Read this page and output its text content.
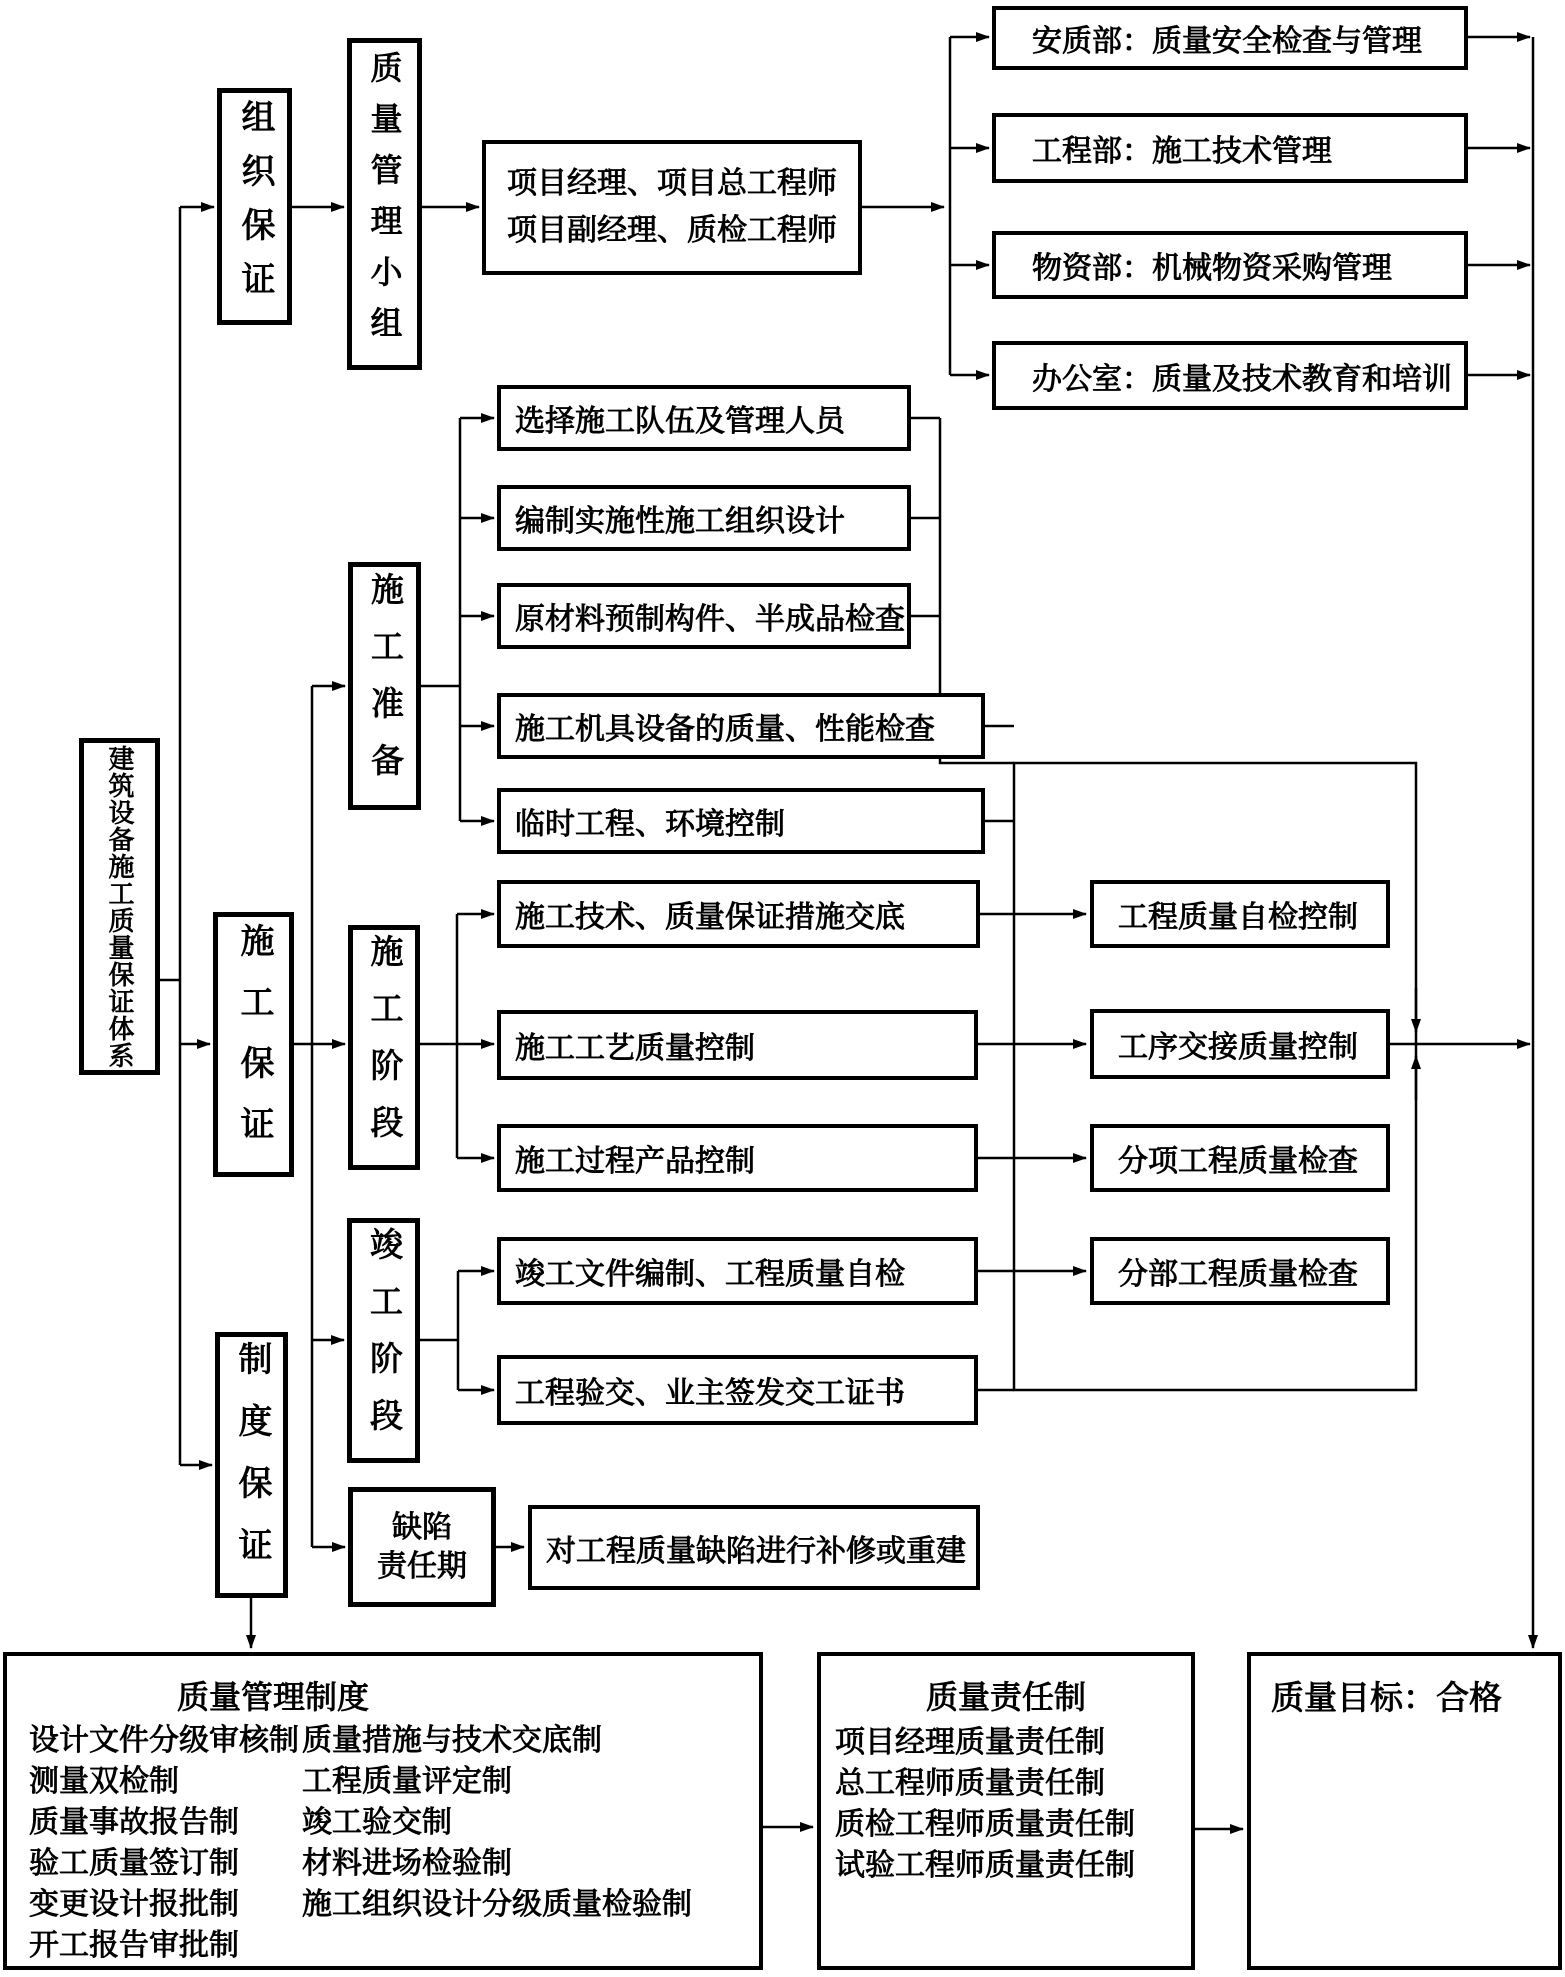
建筑设备施工质量保证体系
组织保证
施工保证
制度保证
质量管理小组	项目经理、项目总工程师
项目副经理、质检工程师
安质部：质量安全检查与管理
工程部：施工技术管理
物资部：机械物资采购管理
办公室：质量及技术教育和培训
施工准备
选择施工队伍及管理人员
编制实施性施工组织设计
原材料预制构件、半成品检查
施工机具设备的质量、性能检查
临时工程、环境控制
施工阶段
施工技术、质量保证措施交底
施工工艺质量控制
施工过程产品控制
竣工阶段	竣工文件编制、工程质量自检
工程验交、业主签发交工证书
工程质量自检控制
工序交接质量控制
分项工程质量检查
分部工程质量检查
缺陷
责任期	对工程质量缺陷进行补修或重建
质量管理制度
设计文件分级审核制
测量双检制
质量事故报告制
验工质量签订制
变更设计报批制
开工报告审批制
质量措施与技术交底制
工程质量评定制
竣工验交制
材料进场检验制
施工组织设计分级质量检验制
质量责任制
项目经理质量责任制
总工程师质量责任制
质检工程师质量责任制
试验工程师质量责任制
质量目标：合格
